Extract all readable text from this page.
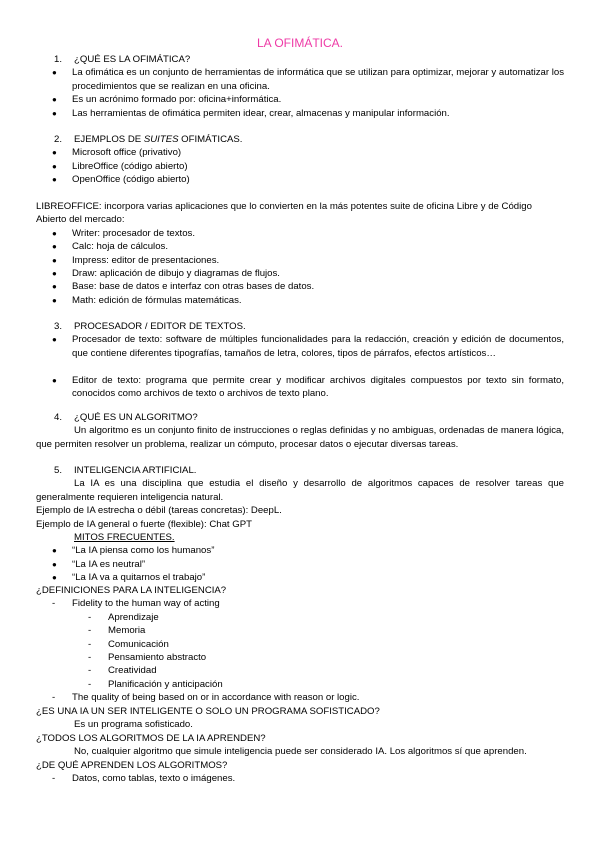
LA OFIMÁTICA.
1. ¿QUÉ ES LA OFIMÁTICA?
● La ofimática es un conjunto de herramientas de informática que se utilizan para optimizar, mejorar y automatizar los procedimientos que se realizan en una oficina.
● Es un acrónimo formado por: oficina+informática.
● Las herramientas de ofimática permiten idear, crear, almacenas y manipular información.
2. EJEMPLOS DE SUITES OFIMÁTICAS.
● Microsoft office (privativo)
● LibreOffice (código abierto)
● OpenOffice (código abierto)
LIBREOFFICE: incorpora varias aplicaciones que lo convierten en la más potentes suite de oficina Libre y de Código Abierto del mercado:
● Writer: procesador de textos.
● Calc: hoja de cálculos.
● Impress: editor de presentaciones.
● Draw: aplicación de dibujo y diagramas de flujos.
● Base: base de datos e interfaz con otras bases de datos.
● Math: edición de fórmulas matemáticas.
3. PROCESADOR / EDITOR DE TEXTOS.
● Procesador de texto: software de múltiples funcionalidades para la redacción, creación y edición de documentos, que contiene diferentes tipografías, tamaños de letra, colores, tipos de párrafos, efectos artísticos…
● Editor de texto: programa que permite crear y modificar archivos digitales compuestos por texto sin formato, conocidos como archivos de texto o archivos de texto plano.
4. ¿QUÉ ES UN ALGORITMO?
Un algoritmo es un conjunto finito de instrucciones o reglas definidas y no ambiguas, ordenadas de manera lógica, que permiten resolver un problema, realizar un cómputo, procesar datos o ejecutar diversas tareas.
5. INTELIGENCIA ARTIFICIAL.
La IA es una disciplina que estudia el diseño y desarrollo de algoritmos capaces de resolver tareas que generalmente requieren inteligencia natural.
Ejemplo de IA estrecha o débil (tareas concretas): DeepL.
Ejemplo de IA general o fuerte (flexible): Chat GPT
MITOS FRECUENTES.
● “La IA piensa como los humanos”
● “La IA es neutral”
● “La IA va a quitarnos el trabajo”
¿DEFINICIONES PARA LA INTELIGENCIA?
- Fidelity to the human way of acting
- Aprendizaje
- Memoria
- Comunicación
- Pensamiento abstracto
- Creatividad
- Planificación y anticipación
- The quality of being based on or in accordance with reason or logic.
¿ES UNA IA UN SER INTELIGENTE O SOLO UN PROGRAMA SOFISTICADO?
Es un programa sofisticado.
¿TODOS LOS ALGORITMOS DE LA IA APRENDEN?
No, cualquier algoritmo que simule inteligencia puede ser considerado IA. Los algoritmos sí que aprenden.
¿DE QUÉ APRENDEN LOS ALGORITMOS?
- Datos, como tablas, texto o imágenes.
